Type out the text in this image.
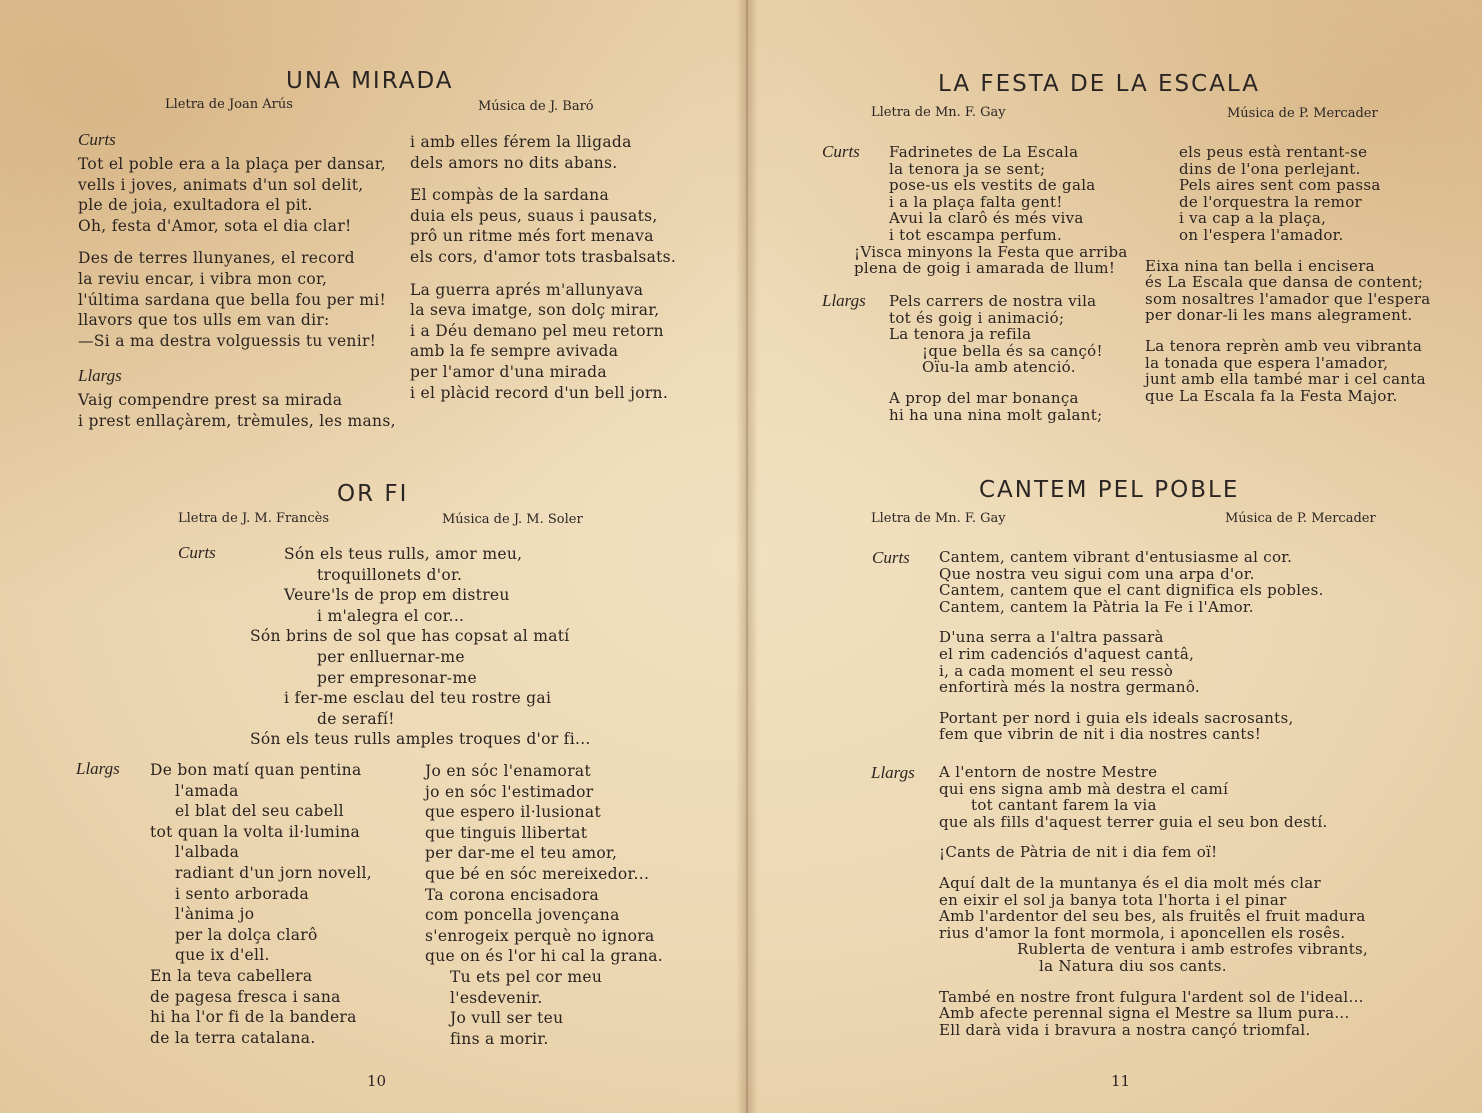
UNA MIRADA
Lletra de Joan Arús	Música de J. Baró
Curts
Tot el poble era a la plaça per dansar,
vells i joves, animats d'un sol delit,
ple de joia, exultadora el pit.
Oh, festa d'Amor, sota el dia clar!
Des de terres llunyanes, el record
la reviu encar, i vibra mon cor,
l'última sardana que bella fou per mi!
llavors que tos ulls em van dir:
—Si a ma destra volguessis tu venir!
Llargs
Vaig compendre prest sa mirada
i prest enllaçàrem, trèmules, les mans,
i amb elles férem la lligada
dels amors no dits abans.
El compàs de la sardana
duia els peus, suaus i pausats,
prô un ritme més fort menava
els cors, d'amor tots trasbalsats.
La guerra aprés m'allunyava
la seva imatge, son dolç mirar,
i a Déu demano pel meu retorn
amb la fe sempre avivada
per l'amor d'una mirada
i el plàcid record d'un bell jorn.
OR FI
Lletra de J. M. Francès	Música de J. M. Soler
Curts	Són els teus rulls, amor meu,
troquillonets d'or.
Veure'ls de prop em distreu
i m'alegra el cor...
Són brins de sol que has copsat al matí
per enlluernar-me
per empresonar-me
i fer-me esclau del teu rostre gai
de serafí!
Són els teus rulls amples troques d'or fi...
Llargs De bon matí quan pentina
l'amada
el blat del seu cabell
tot quan la volta il·lumina
l'albada
radiant d'un jorn novell,
i sento arborada
l'ànima jo
per la dolça clarô
que ix d'ell.
En la teva cabellera
de pagesa fresca i sana
hi ha l'or fi de la bandera
de la terra catalana.
Jo en sóc l'enamorat
jo en sóc l'estimador
que espero il·lusionat
que tinguis llibertat
per dar-me el teu amor,
que bé en sóc mereixedor...
Ta corona encisadora
com poncella jovençana
s'enrogeix perquè no ignora
que on és l'or hi cal la grana.
Tu ets pel cor meu
l'esdevenir.
Jo vull ser teu
fins a morir.
10
LA FESTA DE LA ESCALA
Lletra de Mn. F. Gay	Música de P. Mercader
Curts	Fadrinetes de La Escala
la tenora ja se sent;
pose-us els vestits de gala
i a la plaça falta gent!
Avui la clarô és més viva
i tot escampa perfum.
¡Visca minyons la Festa que arriba
plena de goig i amarada de llum!
Llargs Pels carrers de nostra vila
tot és goig i animació;
La tenora ja refila
¡que bella és sa cançó!
Oïu-la amb atenció.
A prop del mar bonança
hi ha una nina molt galant;
els peus està rentant-se
dins de l'ona perlejant.
Pels aires sent com passa
de l'orquestra la remor
i va cap a la plaça,
on l'espera l'amador.
Eixa nina tan bella i encisera
és La Escala que dansa de content;
som nosaltres l'amador que l'espera
per donar-li les mans alegrament.
La tenora reprèn amb veu vibranta
la tonada que espera l'amador,
junt amb ella també mar i cel canta
que La Escala fa la Festa Major.
CANTEM PEL POBLE
Lletra de Mn. F. Gay	Música de P. Mercader
Curts Cantem, cantem vibrant d'entusiasme al cor.
Que nostra veu sigui com una arpa d'or.
Cantem, cantem que el cant dignifica els pobles.
Cantem, cantem la Pàtria la Fe i l'Amor.
D'una serra a l'altra passarà
el rim cadenciós d'aquest cantâ,
i, a cada moment el seu ressò
enfortirà més la nostra germanô.
Portant per nord i guia els ideals sacrosants,
fem que vibrin de nit i dia nostres cants!
Llargs A l'entorn de nostre Mestre
qui ens signa amb mà destra el camí
tot cantant farem la via
que als fills d'aquest terrer guia el seu bon destí.
¡Cants de Pàtria de nit i dia fem oï!
Aquí dalt de la muntanya és el dia molt més clar
en eixir el sol ja banya tota l'horta i el pinar
Amb l'ardentor del seu bes, als fruitês el fruit madura
rius d'amor la font mormola, i aponcellen els rosês.
Rublerta de ventura i amb estrofes vibrants,
la Natura diu sos cants.
També en nostre front fulgura l'ardent sol de l'ideal...
Amb afecte perennal signa el Mestre sa llum pura...
Ell darà vida i bravura a nostra cançó triomfal.
11
